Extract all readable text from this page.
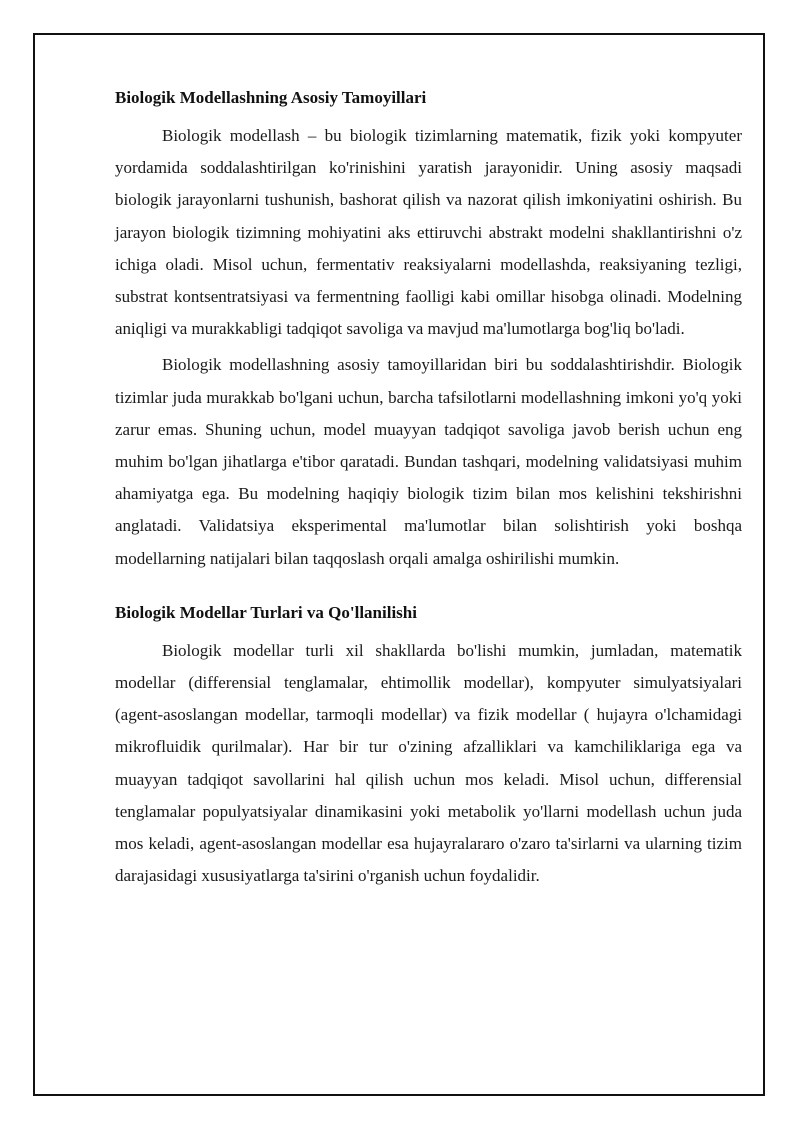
Biologik Modellashning Asosiy Tamoyillari

Biologik modellash – bu biologik tizimlarning matematik, fizik yoki kompyuter yordamida soddalashtirilgan ko'rinishini yaratish jarayonidir. Uning asosiy maqsadi biologik jarayonlarni tushunish, bashorat qilish va nazorat qilish imkoniyatini oshirish. Bu jarayon biologik tizimning mohiyatini aks ettiruvchi abstrakt modelni shakllantirishni o'z ichiga oladi. Misol uchun, fermentativ reaksiyalarni modellashda, reaksiyaning tezligi, substrat kontsentratsiyasi va fermentning faolligi kabi omillar hisobga olinadi. Modelning aniqligi va murakkabligi tadqiqot savoliga va mavjud ma'lumotlarga bog'liq bo'ladi.

Biologik modellashning asosiy tamoyillaridan biri bu soddalashtirishdir. Biologik tizimlar juda murakkab bo'lgani uchun, barcha tafsilotlarni modellashning imkoni yo'q yoki zarur emas. Shuning uchun, model muayyan tadqiqot savoliga javob berish uchun eng muhim bo'lgan jihatlarga e'tibor qaratadi. Bundan tashqari, modelning validatsiyasi muhim ahamiyatga ega. Bu modelning haqiqiy biologik tizim bilan mos kelishini tekshirishni anglatadi. Validatsiya eksperimental ma'lumotlar bilan solishtirish yoki boshqa modellarning natijalari bilan taqqoslash orqali amalga oshirilishi mumkin.

Biologik Modellar Turlari va Qo'llanilishi

Biologik modellar turli xil shakllarda bo'lishi mumkin, jumladan, matematik modellar (differensial tenglamalar, ehtimollik modellar), kompyuter simulyatsiyalari (agent-asoslangan modellar, tarmoqli modellar) va fizik modellar ( hujayra o'lchamidagi mikrofluidik qurilmalar). Har bir tur o'zining afzalliklari va kamchiliklariga ega va muayyan tadqiqot savollarini hal qilish uchun mos keladi. Misol uchun, differensial tenglamalar populyatsiyalar dinamikasini yoki metabolik yo'llarni modellash uchun juda mos keladi, agent-asoslangan modellar esa hujayralararo o'zaro ta'sirlarni va ularning tizim darajasidagi xususiyatlarga ta'sirini o'rganish uchun foydalidir.
